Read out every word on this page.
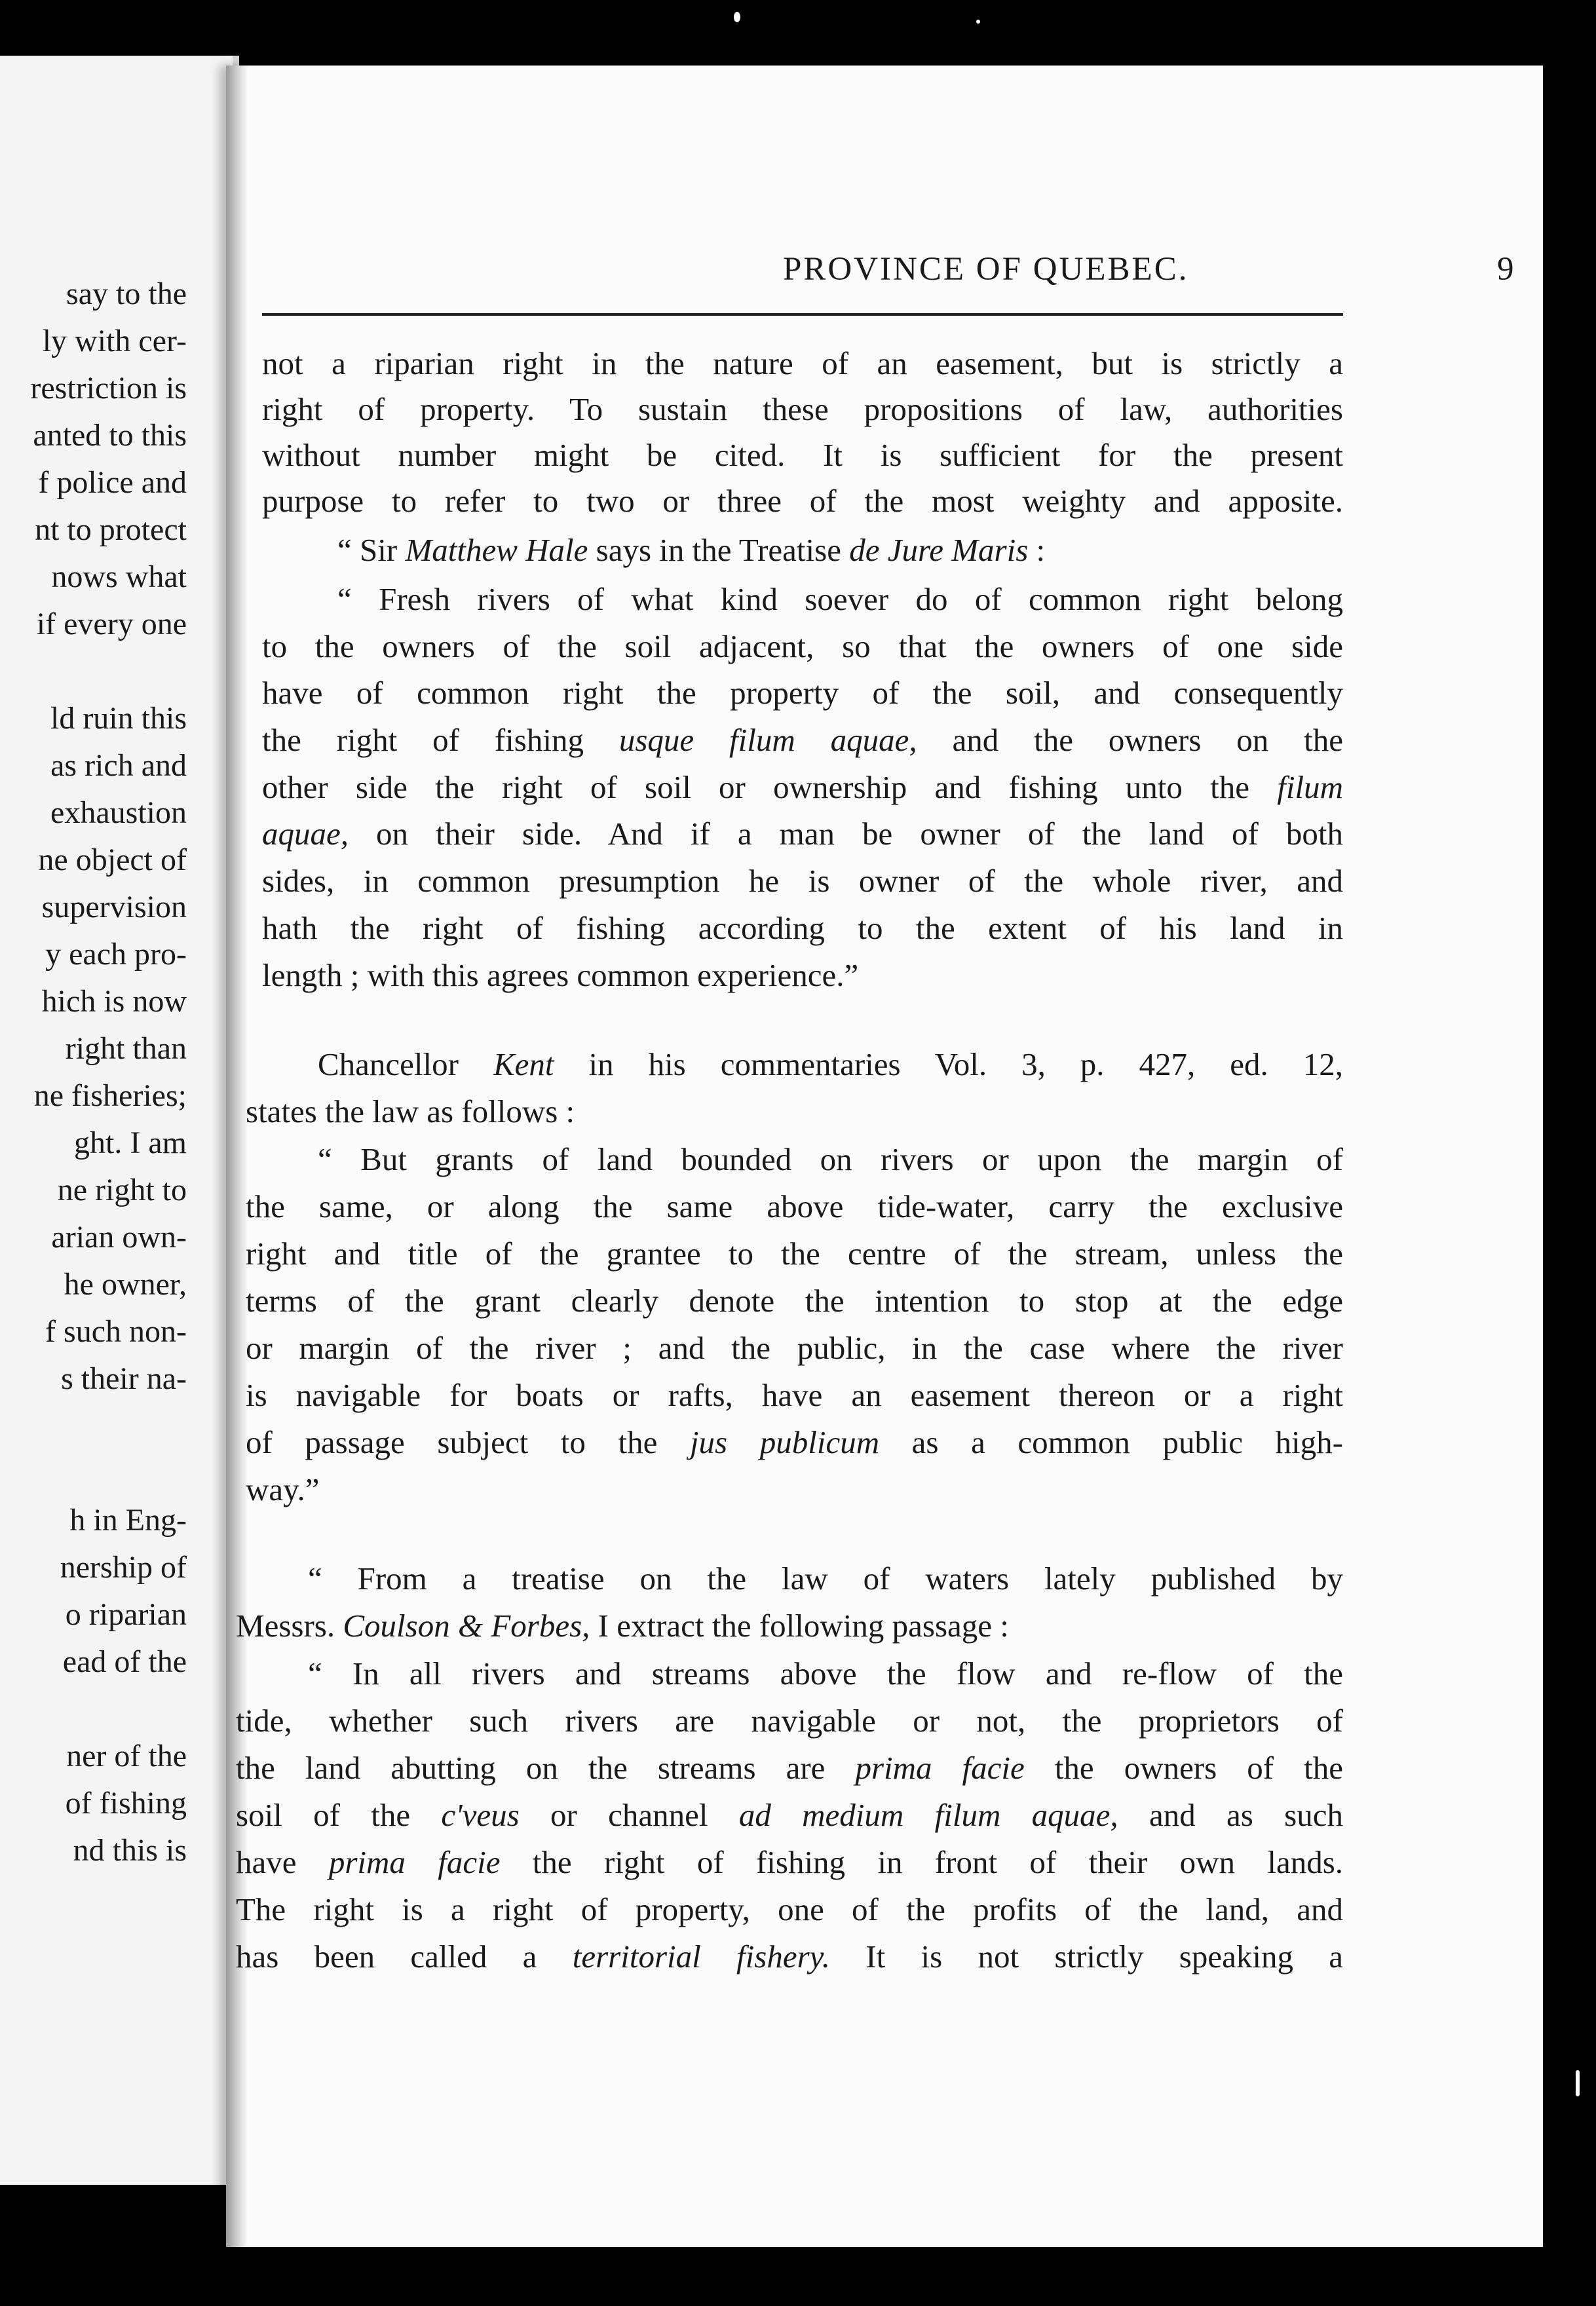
say to the
ly with cer-
restriction is
anted to this
f police and
nt to protect
nows what
if every one
ld ruin this
as rich and
exhaustion
ne object of
supervision
y each pro-
hich is now
right than
ne fisheries;
ght. I am
ne right to
arian own-
he owner,
f such non-
s their na-
h in Eng-
nership of
o riparian
ead of the
ner of the
of fishing
nd this is
PROVINCE OF QUEBEC.	9
not a riparian right in the nature of an easement, but is strictly a
right of property. To sustain these propositions of law, authorities
without number might be cited. It is sufficient for the present
purpose to refer to two or three of the most weighty and apposite.
“ Sir Matthew Hale says in the Treatise de Jure Maris :
“ Fresh rivers of what kind soever do of common right belong
to the owners of the soil adjacent, so that the owners of one side
have of common right the property of the soil, and consequently
the right of fishing usque filum aquae, and the owners on the
other side the right of soil or ownership and fishing unto the filum
aquae, on their side. And if a man be owner of the land of both
sides, in common presumption he is owner of the whole river, and
hath the right of fishing according to the extent of his land in
length ; with this agrees common experience.”
Chancellor Kent in his commentaries Vol. 3, p. 427, ed. 12,
states the law as follows :
“ But grants of land bounded on rivers or upon the margin of
the same, or along the same above tide-water, carry the exclusive
right and title of the grantee to the centre of the stream, unless the
terms of the grant clearly denote the intention to stop at the edge
or margin of the river ; and the public, in the case where the river
is navigable for boats or rafts, have an easement thereon or a right
of passage subject to the jus publicum as a common public high-
way.”
“ From a treatise on the law of waters lately published by
Messrs. Coulson & Forbes, I extract the following passage :
“ In all rivers and streams above the flow and re-flow of the
tide, whether such rivers are navigable or not, the proprietors of
the land abutting on the streams are prima facie the owners of the
soil of the c'veus or channel ad medium filum aquae, and as such
have prima facie the right of fishing in front of their own lands.
The right is a right of property, one of the profits of the land, and
has been called a territorial fishery. It is not strictly speaking a
